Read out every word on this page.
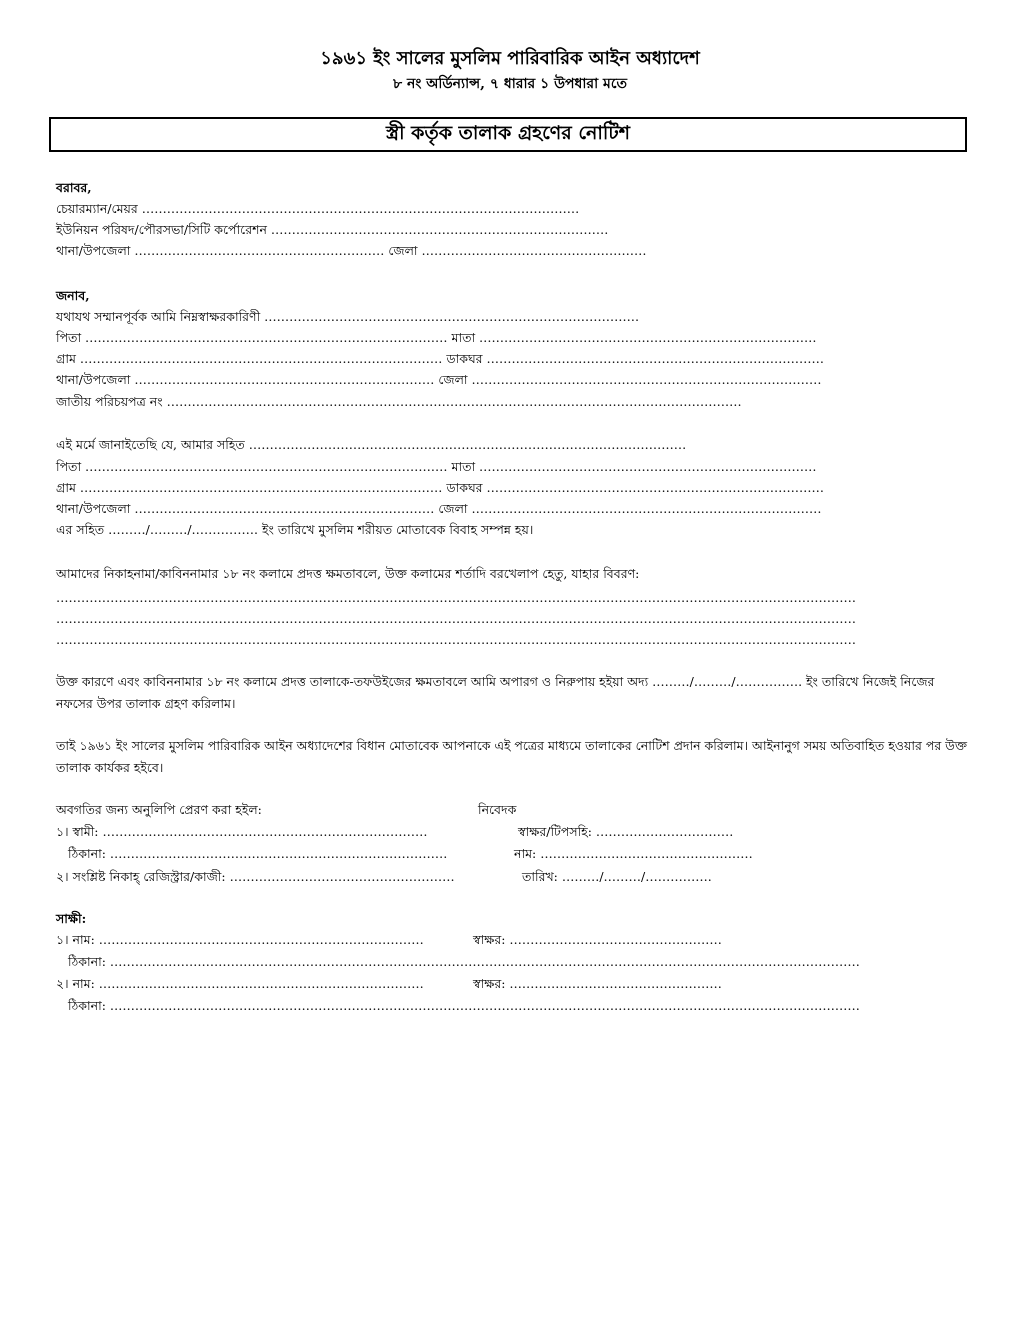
১৯৬১ ইং সালের মুসলিম পারিবারিক আইন অধ্যাদেশ
৮ নং অর্ডিন্যান্স, ৭ ধারার ১ উপধারা মতে
স্ত্রী কর্তৃক তালাক গ্রহণের নোটিশ
বরাবর,
চেয়ারম্যান/মেয়র ……………………………………………………………………………………………
ইউনিয়ন পরিষদ/পৌরসভা/সিটি কর্পোরেশন ………………………………………………………………………
থানা/উপজেলা …………………………………………………… জেলা ………………………………………………
জনাব,
যথাযথ সম্মানপূর্বক আমি নিম্নস্বাক্ষরকারিণী ………………………………………………………………………………
পিতা …………………………………………………………………………… মাতা ………………………………………………………………………
গ্রাম …………………………………………………………………………… ডাকঘর ………………………………………………………………………
থানা/উপজেলা ……………………………………………………………… জেলা …………………………………………………………………………
জাতীয় পরিচয়পত্র নং …………………………………………………………………………………………………………………………
এই মর্মে জানাইতেছি যে, আমার সহিত ……………………………………………………………………………………………
পিতা …………………………………………………………………………… মাতা ………………………………………………………………………
গ্রাম …………………………………………………………………………… ডাকঘর ………………………………………………………………………
থানা/উপজেলা ……………………………………………………………… জেলা …………………………………………………………………………
এর সহিত ………/………/……………. ইং তারিখে মুসলিম শরীয়ত মোতাবেক বিবাহ সম্পন্ন হয়।
আমাদের নিকাহনামা/কাবিননামার ১৮ নং কলামে প্রদত্ত ক্ষমতাবলে, উক্ত কলামের শর্তাদি বরখেলাপ হেতু, যাহার বিবরণ:
…………………………………………………………………………………………………………………………………………………………………………
…………………………………………………………………………………………………………………………………………………………………………
…………………………………………………………………………………………………………………………………………………………………………
উক্ত কারণে এবং কাবিননামার ১৮ নং কলামে প্রদত্ত তালাকে-তফউইজের ক্ষমতাবলে আমি অপারগ ও নিরুপায় হইয়া অদ্য ………/………/……………. ইং তারিখে নিজেই নিজের নফসের উপর তালাক গ্রহণ করিলাম।
তাই ১৯৬১ ইং সালের মুসলিম পারিবারিক আইন অধ্যাদেশের বিধান মোতাবেক আপনাকে এই পত্রের মাধ্যমে তালাকের নোটিশ প্রদান করিলাম। আইনানুগ সময় অতিবাহিত হওয়ার পর উক্ত তালাক কার্যকর হইবে।
অবগতির জন্য অনুলিপি প্রেরণ করা হইল:
১। স্বামী: ……………………………………………………………………
ঠিকানা: ………………………………………………………………………
২। সংশ্লিষ্ট নিকাহ্ রেজিস্ট্রার/কাজী: ………………………………………………
নিবেদক
স্বাক্ষর/টিপসহি: ……………………………
নাম: ……………………………………………
তারিখ: ………/………/…………….
সাক্ষী:
১। নাম: ……………………………………………………………………	স্বাক্ষর: ……………………………………………
ঠিকানা: ………………………………………………………………………………………………………………………………………………………………
২। নাম: ……………………………………………………………………	স্বাক্ষর: ……………………………………………
ঠিকানা: ………………………………………………………………………………………………………………………………………………………………
